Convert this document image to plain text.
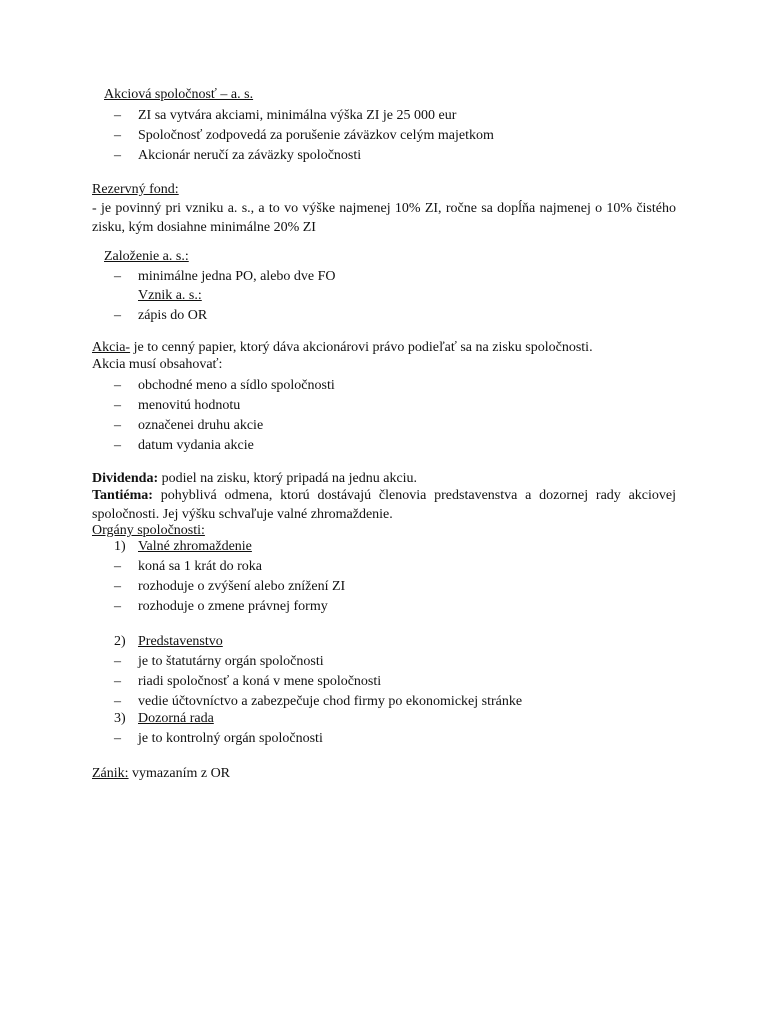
Akciová spoločnosť – a. s.
– ZI sa vytvára akciami, minimálna výška ZI je 25 000 eur
– Spoločnosť zodpovedá za porušenie záväzkov celým majetkom
– Akcionár neručí za záväzky spoločnosti
Rezervný fond:
- je povinný pri vzniku a. s., a to vo výške najmenej 10% ZI, ročne sa dopĺňa najmenej o 10% čistého zisku, kým dosiahne minimálne 20% ZI
Založenie a. s.:
– minimálne jedna PO, alebo dve FO
Vznik a. s.:
– zápis do OR
Akcia- je to cenný papier, ktorý dáva akcionárovi právo podieľať sa na zisku spoločnosti.
Akcia musí obsahovať:
– obchodné meno a sídlo spoločnosti
– menovitú hodnotu
– označenei druhu akcie
– datum vydania akcie
Dividenda: podiel na zisku, ktorý pripadá na jednu akciu.
Tantiéma: pohyblivá odmena, ktorú dostávajú členovia predstavenstva a dozornej rady akciovej spoločnosti. Jej výšku schvaľuje valné zhromaždenie.
Orgány spoločnosti:
1) Valné zhromaždenie
– koná sa 1 krát do roka
– rozhoduje o zvýšení alebo znížení ZI
– rozhoduje o zmene právnej formy
2) Predstavenstvo
– je to štatutárny orgán spoločnosti
– riadi spoločnosť a koná v mene spoločnosti
– vedie účtovníctvo a zabezpečuje chod firmy po ekonomickej stránke
3) Dozorná rada
– je to kontrolný orgán spoločnosti
Zánik: vymazaním z OR
